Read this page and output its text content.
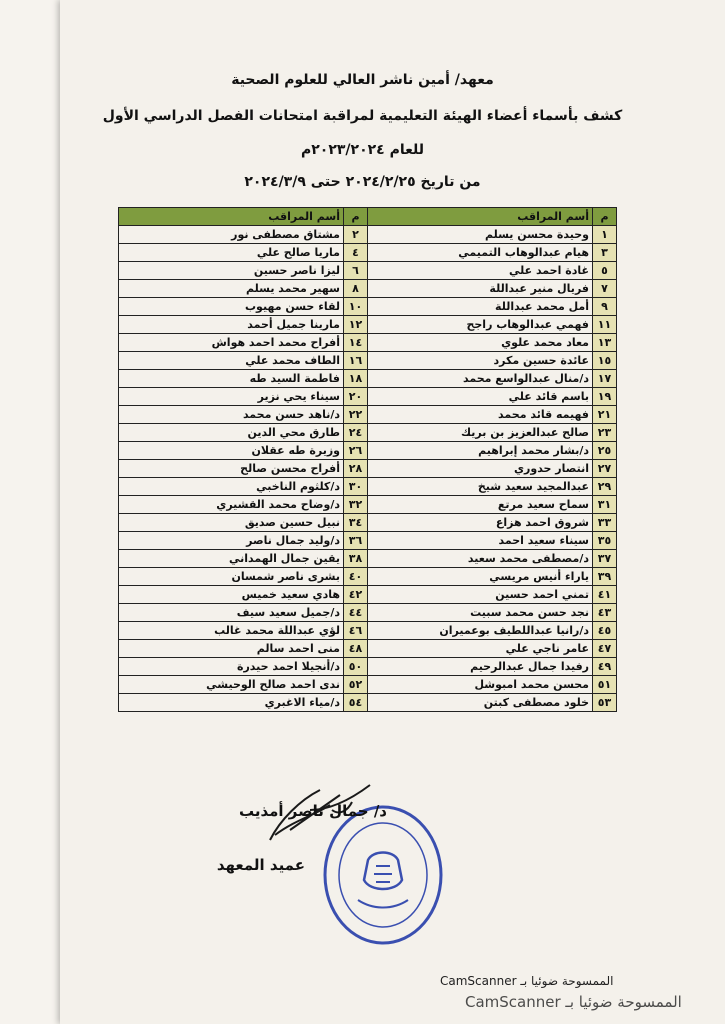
معهد/ أمين ناشر العالي للعلوم الصحية
كشف بأسماء أعضاء الهيئة التعليمية لمراقبة امتحانات الفصل الدراسي الأول
للعام ٢٠٢٣/٢٠٢٤م
من تاريخ ٢٠٢٤/٢/٢٥ حتى ٢٠٢٤/٣/٩
م	أسم المراقب	م	أسم المراقب
١	وحيدة محسن يسلم	٢	مشتاق مصطفى نور
٣	هيام عبدالوهاب التميمي	٤	ماريا صالح علي
٥	غادة احمد علي	٦	ليزا ناصر حسين
٧	فريال منير عبداللة	٨	سهير محمد يسلم
٩	أمل محمد عبداللة	١٠	لقاء حسن مهيوب
١١	فهمي عبدالوهاب راجح	١٢	مارينا جميل أحمد
١٣	معاد محمد علوي	١٤	أفراح محمد احمد هواش
١٥	عائدة حسين مكرد	١٦	الطاف محمد علي
١٧	د/منال عبدالواسع محمد	١٨	فاطمة السيد طه
١٩	باسم قائد علي	٢٠	سيناء يحي نزير
٢١	فهيمه قائد محمد	٢٢	د/ناهد حسن محمد
٢٣	صالح عبدالعزيز بن بريك	٢٤	طارق محي الدين
٢٥	د/بشار محمد إبراهيم	٢٦	وزيرة طه عقلان
٢٧	انتصار حدوري	٢٨	أفراح محسن صالح
٢٩	عبدالمجيد سعيد شيخ	٣٠	د/كلثوم الناخبي
٣١	سماح سعيد مرتع	٣٢	د/وضاح محمد القشيري
٣٣	شروق احمد هزاع	٣٤	نبيل حسين صديق
٣٥	سيناء سعيد احمد	٣٦	د/وليد جمال ناصر
٣٧	د/مصطفى محمد سعيد	٣٨	يقين جمال الهمداني
٣٩	ياراء أنيس مريسي	٤٠	بشرى ناصر شمسان
٤١	تمني احمد حسين	٤٢	هادي سعيد خميس
٤٣	نجد حسن محمد سبيت	٤٤	د/جميل سعيد سيف
٤٥	د/رانيا عبداللطيف بوعميران	٤٦	لؤي عبداللة محمد غالب
٤٧	عامر ناجي علي	٤٨	منى احمد سالم
٤٩	رفيدا جمال عبدالرحيم	٥٠	د/أنجيلا احمد حيدرة
٥١	محسن محمد امبوشل	٥٢	ندى احمد صالح الوحيشي
٥٣	خلود مصطفى كبتن	٥٤	د/مياء الاغبري
د/ جمال ناصر أمذيب
عميد المعهد
الممسوحة ضوئيا بـ CamScanner
الممسوحة ضوئيا بـ CamScanner
